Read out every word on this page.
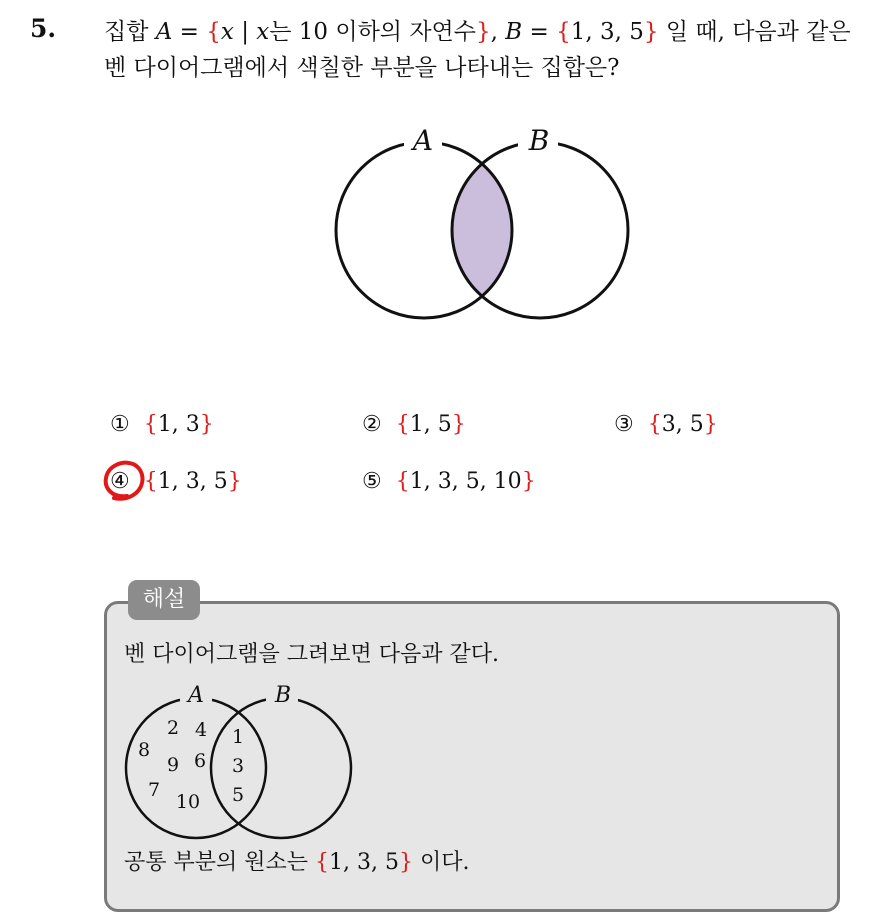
5. 집합 A = {x | x는 10 이하의 자연수}, B = {1, 3, 5} 일 때, 다음과 같은
벤 다이어그램에서 색칠한 부분을 나타내는 집합은?
A	B
① {1, 3}	② {1, 5}	③ {3, 5}
④ {1, 3, 5}	⑤ {1, 3, 5, 10}
해설
벤 다이어그램을 그려보면 다음과 같다.
A	B
2 4
8
9 6
7
10
1
3
5
공통 부분의 원소는 {1, 3, 5} 이다.
